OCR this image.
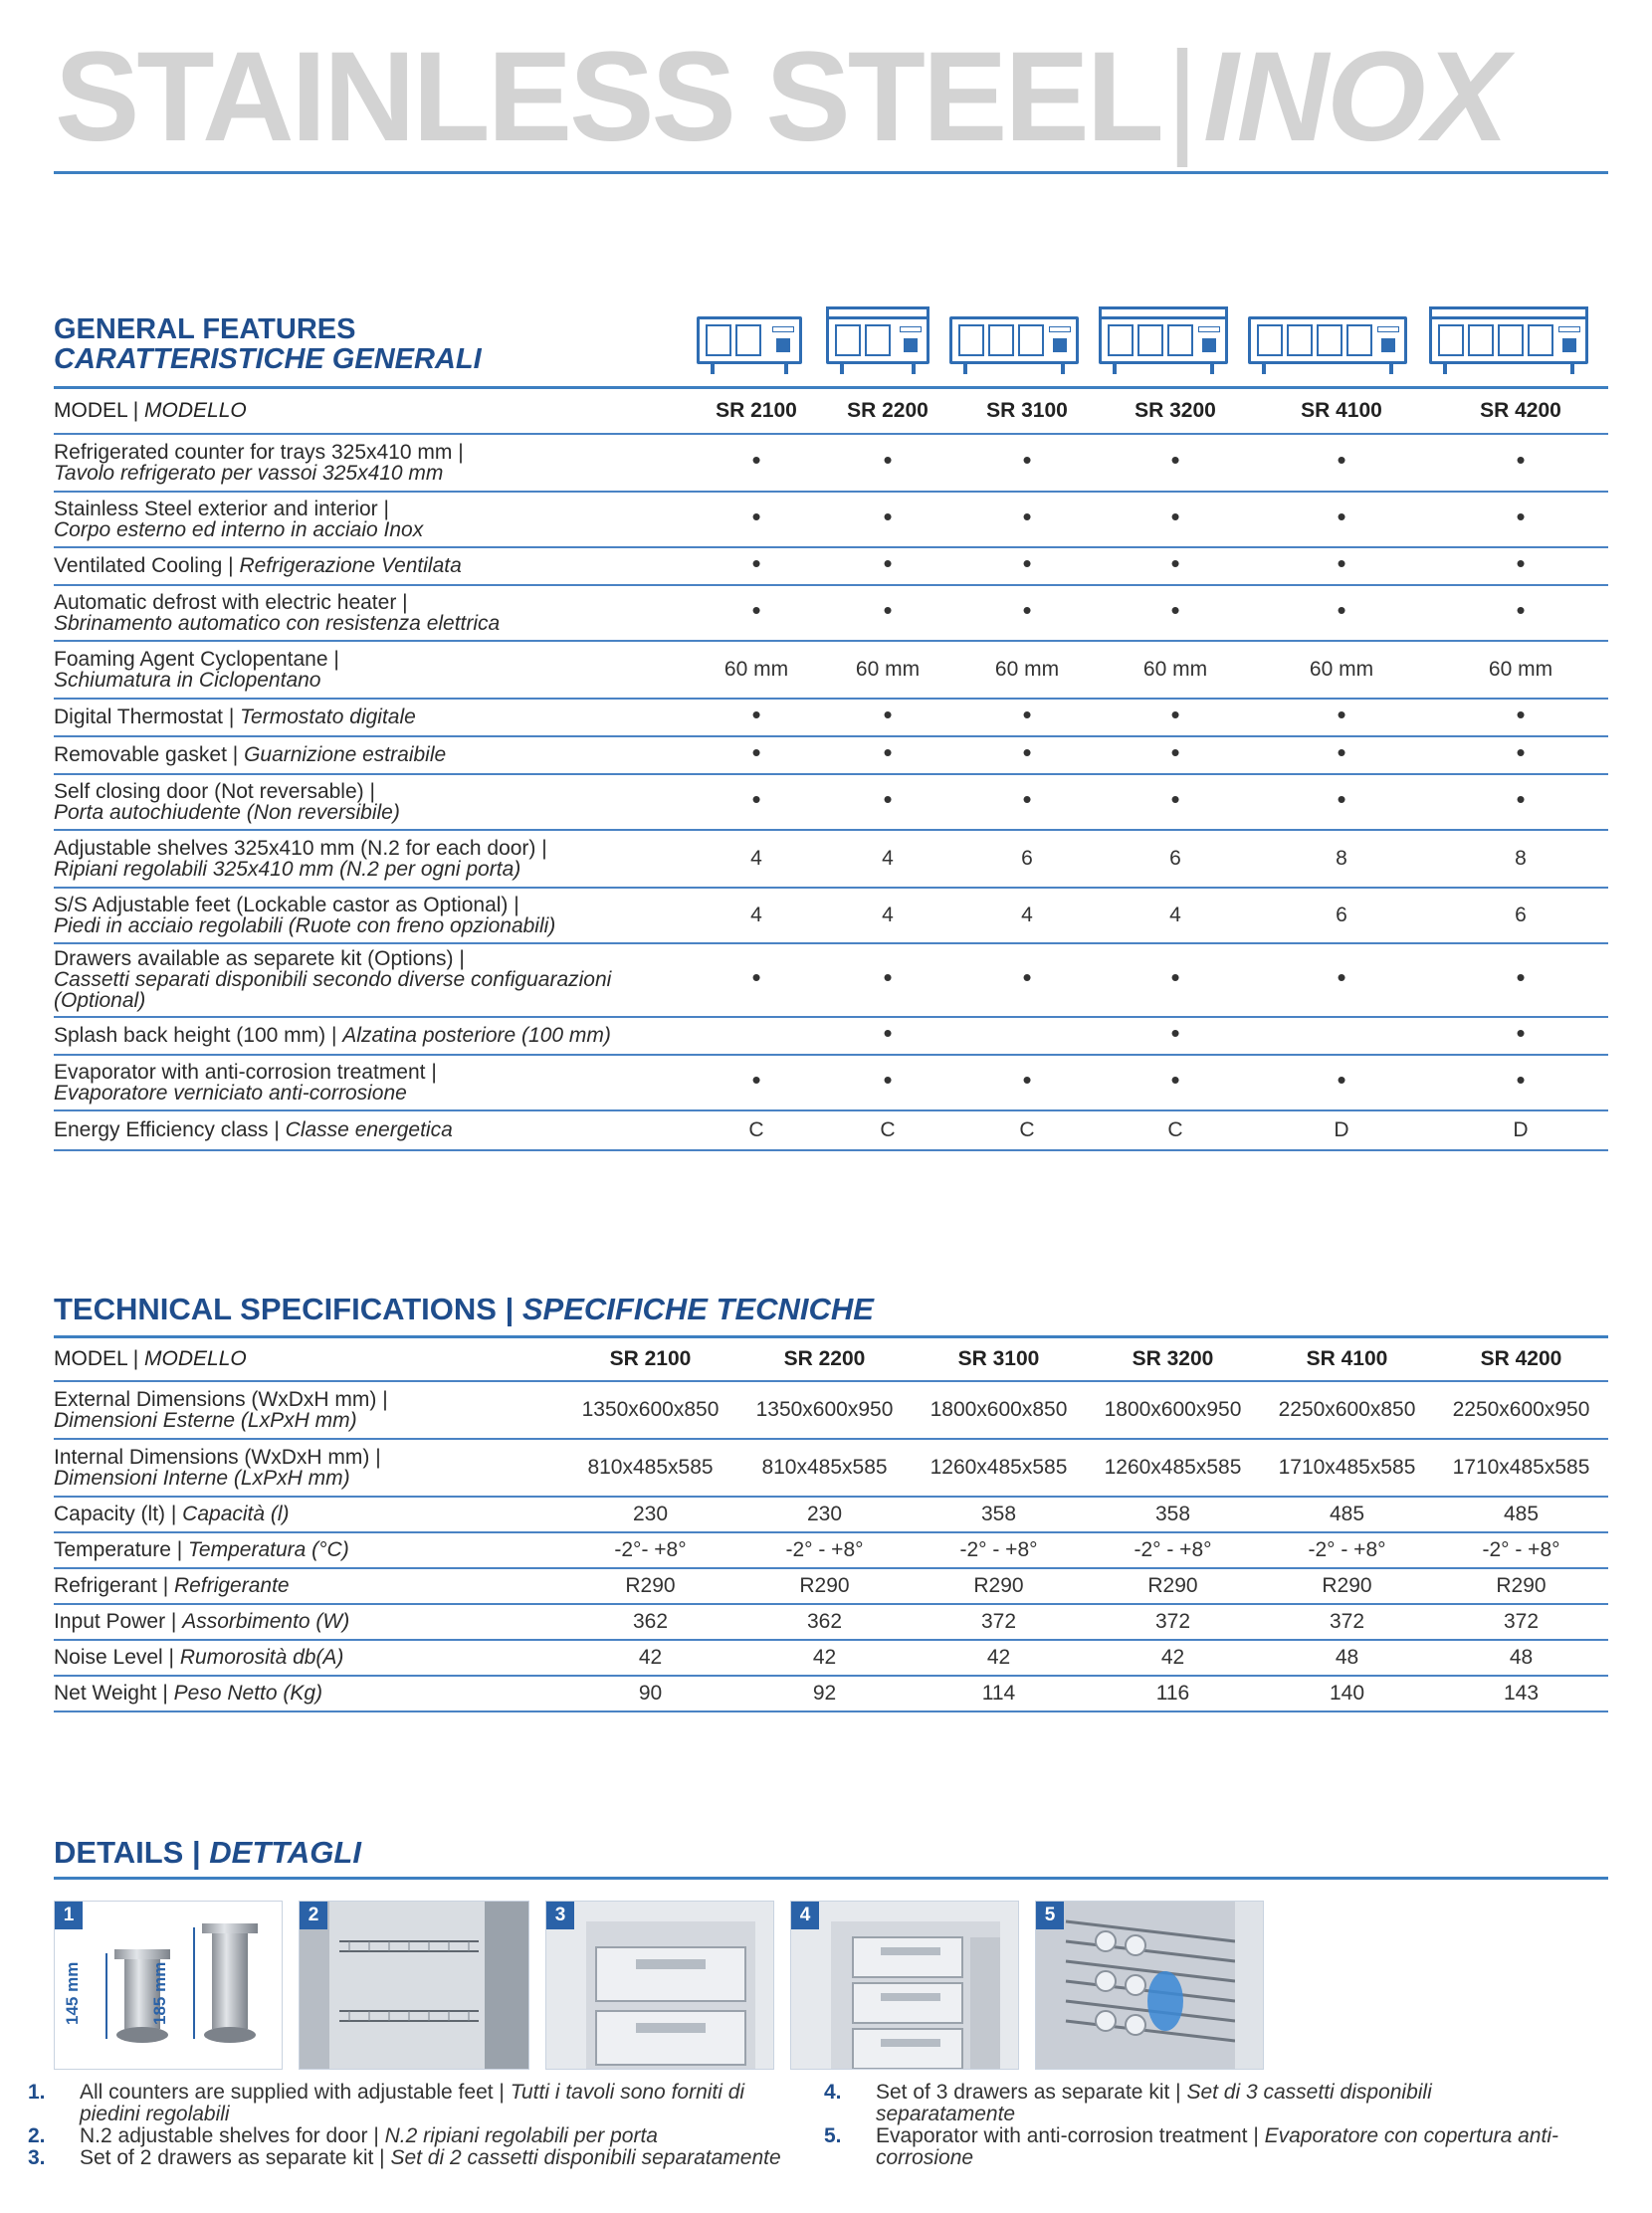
STAINLESS STEEL | INOX
GENERAL FEATURES
CARATTERISTICHE GENERALI
MODEL | MODELLO	SR 2100	SR 2200	SR 3100	SR 3200	SR 4100	SR 4200
Refrigerated counter for trays 325x410 mm |
Tavolo refrigerato per vassoi 325x410 mm	•	•	•	•	•	•
Stainless Steel exterior and interior |
Corpo esterno ed interno in acciaio Inox	•	•	•	•	•	•
Ventilated Cooling | Refrigerazione Ventilata	•	•	•	•	•	•
Automatic defrost with electric heater |
Sbrinamento automatico con resistenza elettrica	•	•	•	•	•	•
Foaming Agent Cyclopentane |
Schiumatura in Ciclopentano	60 mm	60 mm	60 mm	60 mm	60 mm	60 mm
Digital Thermostat | Termostato digitale	•	•	•	•	•	•
Removable gasket | Guarnizione estraibile	•	•	•	•	•	•
Self closing door (Not reversable) |
Porta autochiudente (Non reversibile)	•	•	•	•	•	•
Adjustable shelves 325x410 mm (N.2 for each door) |
Ripiani regolabili 325x410 mm (N.2 per ogni porta)	4	4	6	6	8	8
S/S Adjustable feet (Lockable castor as Optional) |
Piedi in acciaio regolabili (Ruote con freno opzionabili)	4	4	4	4	6	6
Drawers available as separete kit (Options) |
Cassetti separati disponibili secondo diverse configuarazioni (Optional)	•	•	•	•	•	•
Splash back height (100 mm) | Alzatina posteriore (100 mm)		•		•		•
Evaporator with anti-corrosion treatment |
Evaporatore verniciato anti-corrosione	•	•	•	•	•	•
Energy Efficiency class | Classe energetica	C	C	C	C	D	D
TECHNICAL SPECIFICATIONS | SPECIFICHE TECNICHE
MODEL | MODELLO	SR 2100	SR 2200	SR 3100	SR 3200	SR 4100	SR 4200
External Dimensions (WxDxH mm) |
Dimensioni Esterne (LxPxH mm)	1350x600x850	1350x600x950	1800x600x850	1800x600x950	2250x600x850	2250x600x950
Internal Dimensions (WxDxH mm) |
Dimensioni Interne (LxPxH mm)	810x485x585	810x485x585	1260x485x585	1260x485x585	1710x485x585	1710x485x585
Capacity (lt) | Capacità (l)	230	230	358	358	485	485
Temperature | Temperatura (°C)	-2°- +8°	-2° - +8°	-2° - +8°	-2° - +8°	-2° - +8°	-2° - +8°
Refrigerant | Refrigerante	R290	R290	R290	R290	R290	R290
Input Power | Assorbimento (W)	362	362	372	372	372	372
Noise Level | Rumorosità db(A)	42	42	42	42	48	48
Net Weight | Peso Netto (Kg)	90	92	114	116	140	143
DETAILS | DETTAGLI
1
145 mm	185 mm
2	3	4	5
1. All counters are supplied with adjustable feet | Tutti i tavoli sono forniti di piedini regolabili
2. N.2 adjustable shelves for door | N.2 ripiani regolabili per porta
3. Set of 2 drawers as separate kit | Set di 2 cassetti disponibili separatamente
4. Set of 3 drawers as separate kit | Set di 3 cassetti disponibili separatamente
5. Evaporator with anti-corrosion treatment | Evaporatore con copertura anti-corrosione
